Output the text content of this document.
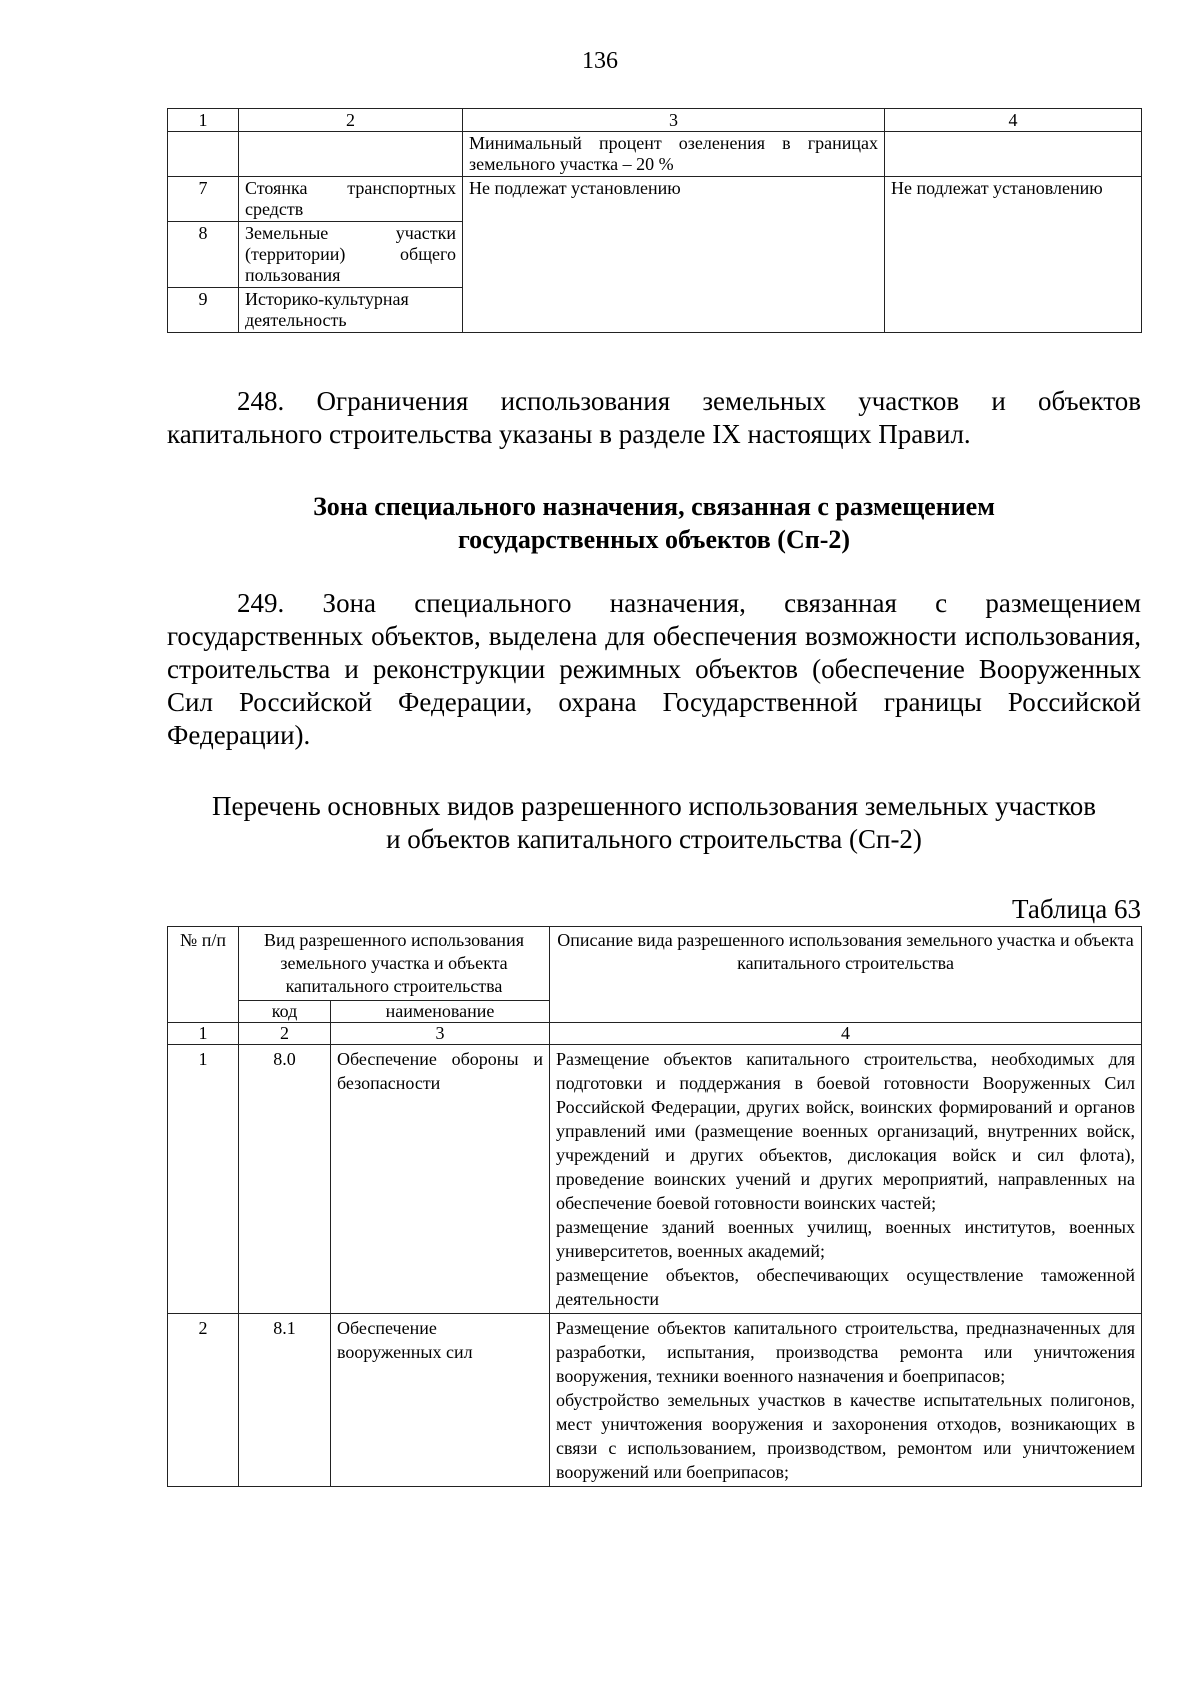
136
1	2	3	4
		Минимальный процент озеленения в границах земельного участка – 20 %	
7	Стоянка транспортных средств	Не подлежат установлению	Не подлежат установлению
8	Земельные участки (территории) общего пользования		
9	Историко-культурная деятельность		
248. Ограничения использования земельных участков и объектов капитального строительства указаны в разделе IX настоящих Правил.
Зона специального назначения, связанная с размещением
государственных объектов (Сп-2)
249. Зона специального назначения, связанная с размещением государственных объектов, выделена для обеспечения возможности использования, строительства и реконструкции режимных объектов (обеспечение Вооруженных Сил Российской Федерации, охрана Государственной границы Российской Федерации).
Перечень основных видов разрешенного использования земельных участков
и объектов капитального строительства (Сп-2)
Таблица 63
№ п/п	Вид разрешенного использования земельного участка и объекта капитального строительства		Описание вида разрешенного использования земельного участка и объекта капитального строительства
	код	наименование	
1	2	3	4
1	8.0	Обеспечение обороны и безопасности	Размещение объектов капитального строительства, необходимых для подготовки и поддержания в боевой готовности Вооруженных Сил Российской Федерации, других войск, воинских формирований и органов управлений ими (размещение военных организаций, внутренних войск, учреждений и других объектов, дислокация войск и сил флота), проведение воинских учений и других мероприятий, направленных на обеспечение боевой готовности воинских частей;
размещение зданий военных училищ, военных институтов, военных университетов, военных академий;
размещение объектов, обеспечивающих осуществление таможенной деятельности

2	8.1	Обеспечение вооруженных сил	Размещение объектов капитального строительства, предназначенных для разработки, испытания, производства ремонта или уничтожения вооружения, техники военного назначения и боеприпасов;
обустройство земельных участков в качестве испытательных полигонов, мест уничтожения вооружения и захоронения отходов, возникающих в связи с использованием, производством, ремонтом или уничтожением вооружений или боеприпасов;
